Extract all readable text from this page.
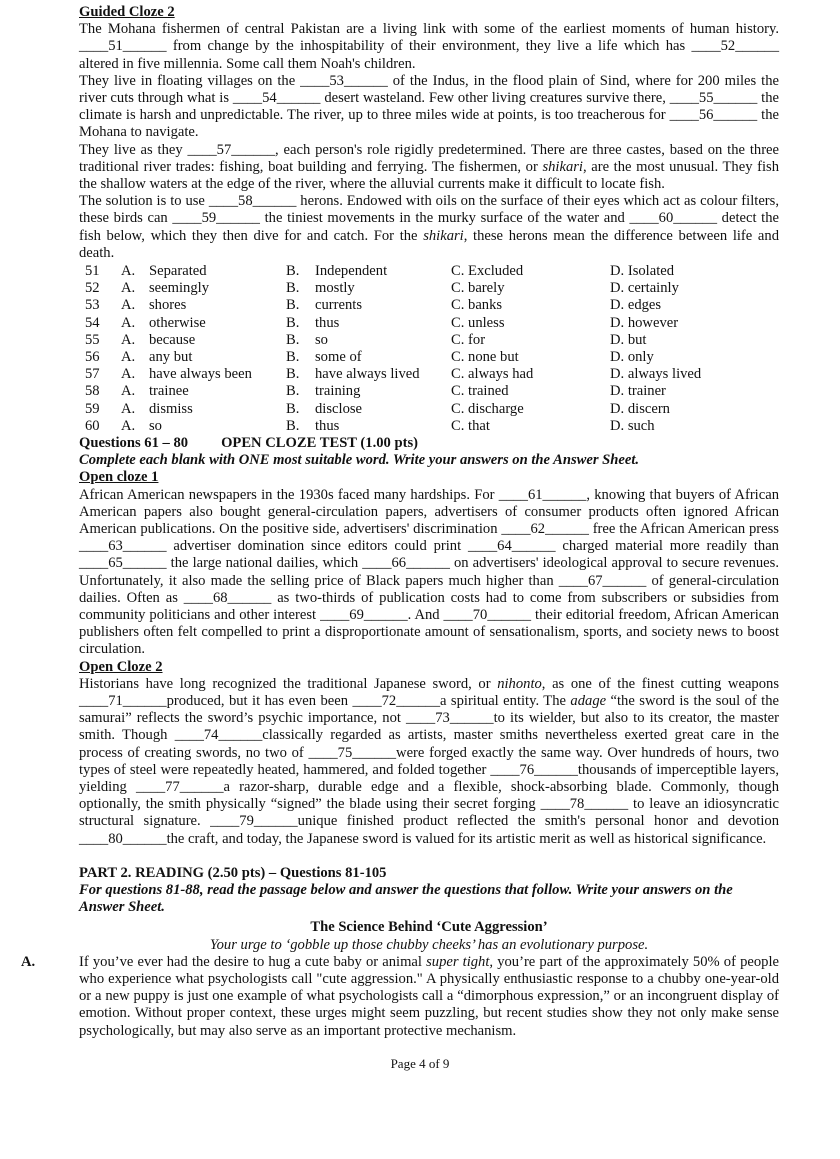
Guided Cloze 2

The Mohana fishermen of central Pakistan are a living link with some of the earliest moments of human history. ____51______ from change by the inhospitability of their environment, they live a life which has ____52______ altered in five millennia. Some call them Noah's children.

They live in floating villages on the ____53______ of the Indus, in the flood plain of Sind, where for 200 miles the river cuts through what is ____54______ desert wasteland. Few other living creatures survive there, ____55______ the climate is harsh and unpredictable. The river, up to three miles wide at points, is too treacherous for ____56______ the Mohana to navigate.

They live as they ____57______, each person's role rigidly predetermined. There are three castes, based on the three traditional river trades: fishing, boat building and ferrying. The fishermen, or shikari, are the most unusual. They fish the shallow waters at the edge of the river, where the alluvial currents make it difficult to locate fish.

The solution is to use ____58______ herons. Endowed with oils on the surface of their eyes which act as colour filters, these birds can ____59______ the tiniest movements in the murky surface of the water and ____60______ detect the fish below, which they then dive for and catch. For the shikari, these herons mean the difference between life and death.

51 A. Separated	B. Independent	C. Excluded	D. Isolated
52 A. seemingly	B. mostly	C. barely	D. certainly
53 A. shores	B. currents	C. banks	D. edges
54 A. otherwise	B. thus	C. unless	D. however
55 A. because	B. so	C. for	D. but
56 A. any but	B. some of	C. none but	D. only
57 A. have always been B. have always lived C. always had	D. always lived
58 A. trainee	B. training	C. trained	D. trainer
59 A. dismiss	B. disclose	C. discharge	D. discern
60 A. so	B. thus	C. that	D. such
Questions 61 – 80 OPEN CLOZE TEST (1.00 pts)
Complete each blank with ONE most suitable word. Write your answers on the Answer Sheet.
Open cloze 1

African American newspapers in the 1930s faced many hardships. For ____61______, knowing that buyers of African American papers also bought general-circulation papers, advertisers of consumer products often ignored African American publications. On the positive side, advertisers' discrimination ____62______ free the African American press ____63______ advertiser domination since editors could print ____64______ charged material more readily than ____65______ the large national dailies, which ____66______ on advertisers' ideological approval to secure revenues. Unfortunately, it also made the selling price of Black papers much higher than ____67______ of general-circulation dailies. Often as ____68______ as two-thirds of publication costs had to come from subscribers or subsidies from community politicians and other interest ____69______. And ____70______ their editorial freedom, African American publishers often felt compelled to print a disproportionate amount of sensationalism, sports, and society news to boost circulation.

Open Cloze 2

Historians have long recognized the traditional Japanese sword, or nihonto, as one of the finest cutting weapons ____71______produced, but it has even been ____72______a spiritual entity. The adage “the sword is the soul of the samurai” reflects the sword’s psychic importance, not ____73______to its wielder, but also to its creator, the master smith. Though ____74______classically regarded as artists, master smiths nevertheless exerted great care in the process of creating swords, no two of ____75______were forged exactly the same way. Over hundreds of hours, two types of steel were repeatedly heated, hammered, and folded together ____76______thousands of imperceptible layers, yielding ____77______a razor-sharp, durable edge and a flexible, shock-absorbing blade. Commonly, though optionally, the smith physically “signed” the blade using their secret forging ____78______ to leave an idiosyncratic structural signature. ____79______unique finished product reflected the smith's personal honor and devotion ____80______the craft, and today, the Japanese sword is valued for its artistic merit as well as historical significance.

PART 2. READING (2.50 pts) – Questions 81-105
For questions 81-88, read the passage below and answer the questions that follow. Write your answers on the Answer Sheet.
The Science Behind ‘Cute Aggression’
Your urge to ‘gobble up those chubby cheeks’ has an evolutionary purpose.

A.	If you’ve ever had the desire to hug a cute baby or animal super tight, you’re part of the approximately 50% of people who experience what psychologists call "cute aggression." A physically enthusiastic response to a chubby one-year-old or a new puppy is just one example of what psychologists call a “dimorphous expression,” or an incongruent display of emotion. Without proper context, these urges might seem puzzling, but recent studies show they not only make sense psychologically, but may also serve as an important protective mechanism.

Page 4 of 9
